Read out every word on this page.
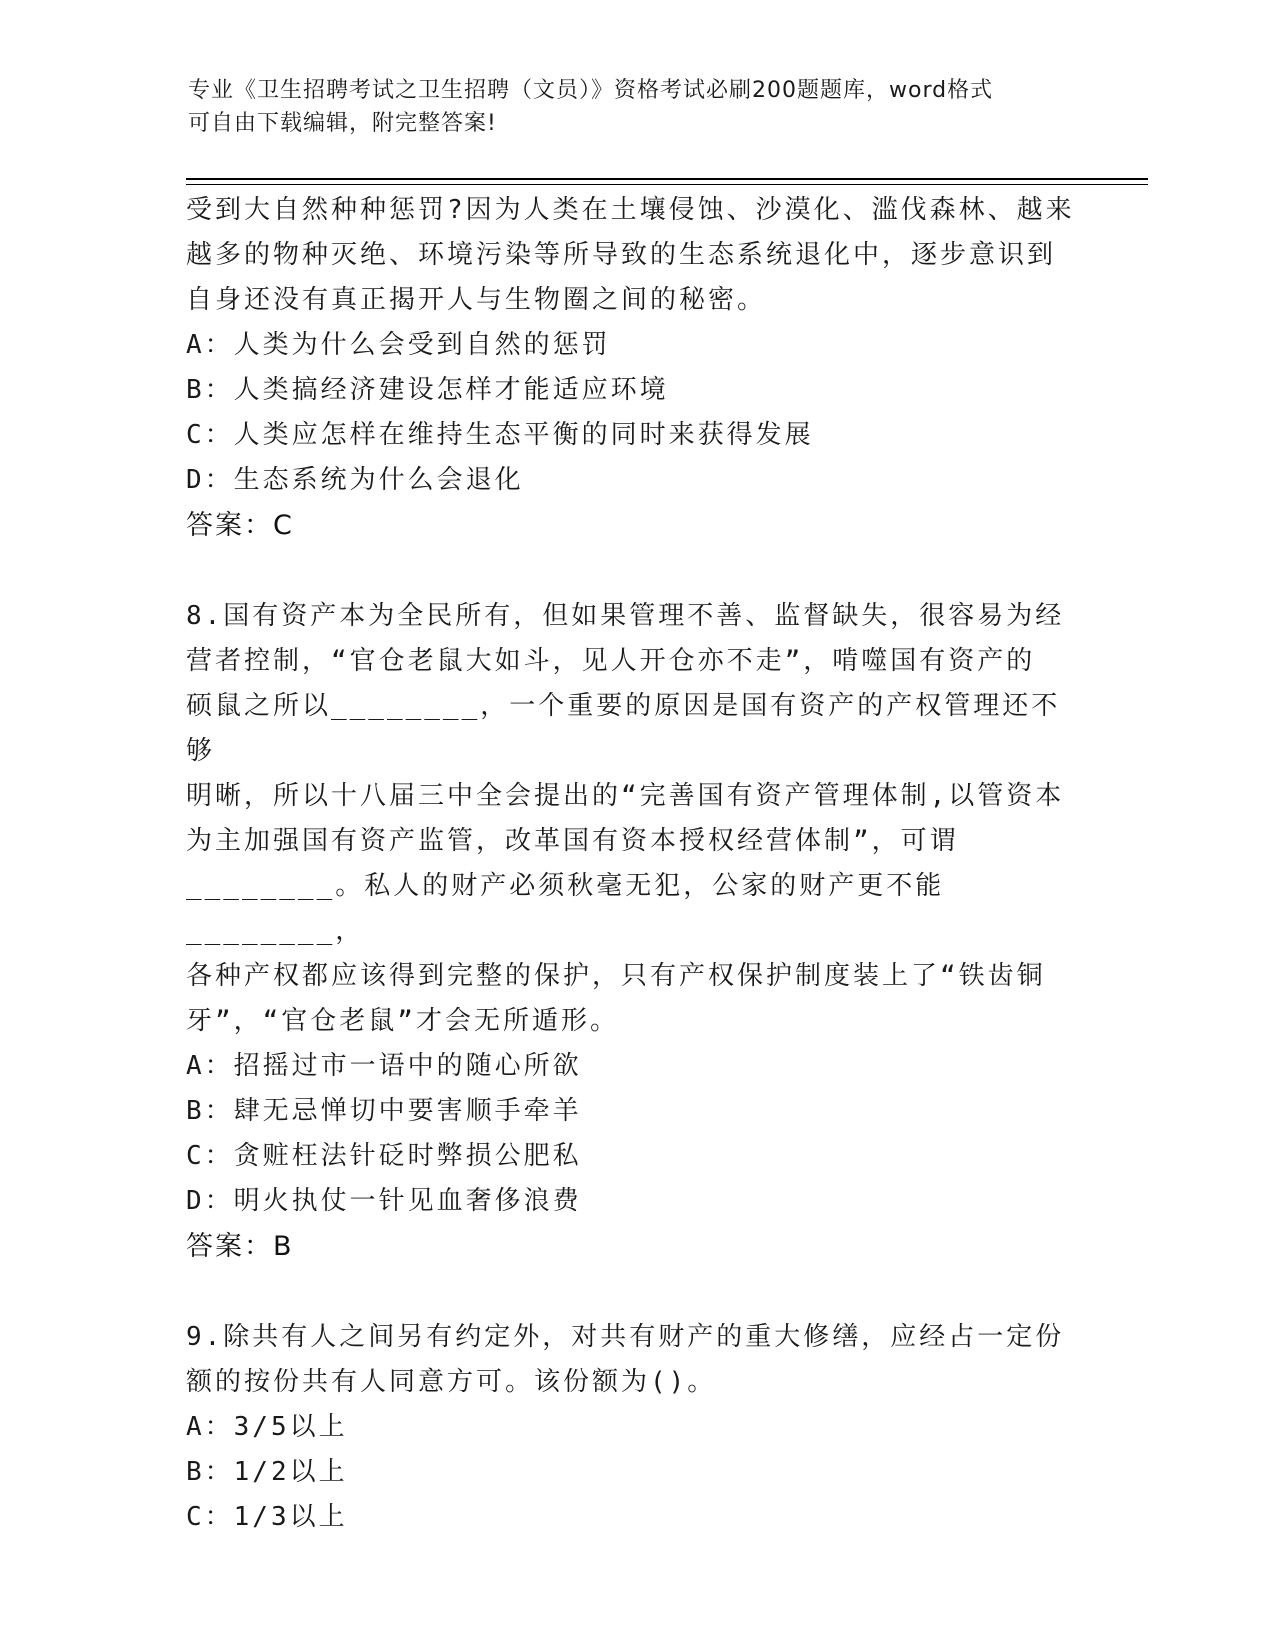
专业《卫生招聘考试之卫生招聘（文员）》资格考试必刷200题题库，word格式
可自由下载编辑，附完整答案!

受到大自然种种惩罚?因为人类在土壤侵蚀、沙漠化、滥伐森林、越来

越多的物种灭绝、环境污染等所导致的生态系统退化中，逐步意识到

自身还没有真正揭开人与生物圈之间的秘密。

A：人类为什么会受到自然的惩罚

B：人类搞经济建设怎样才能适应环境

C：人类应怎样在维持生态平衡的同时来获得发展

D：生态系统为什么会退化

答案：C

8.国有资产本为全民所有，但如果管理不善、监督缺失，很容易为经

营者控制，“官仓老鼠大如斗，见人开仓亦不走”，啃噬国有资产的

硕鼠之所以________，一个重要的原因是国有资产的产权管理还不够

明晰，所以十八届三中全会提出的“完善国有资产管理体制,以管资本

为主加强国有资产监管，改革国有资本授权经营体制”，可谓

________。私人的财产必须秋毫无犯，公家的财产更不能________，

各种产权都应该得到完整的保护，只有产权保护制度装上了“铁齿铜

牙”，“官仓老鼠”才会无所遁形。

A：招摇过市一语中的随心所欲

B：肆无忌惮切中要害顺手牵羊

C：贪赃枉法针砭时弊损公肥私

D：明火执仗一针见血奢侈浪费

答案：B

9.除共有人之间另有约定外，对共有财产的重大修缮，应经占一定份

额的按份共有人同意方可。该份额为()。

A：3/5以上

B：1/2以上

C：1/3以上
